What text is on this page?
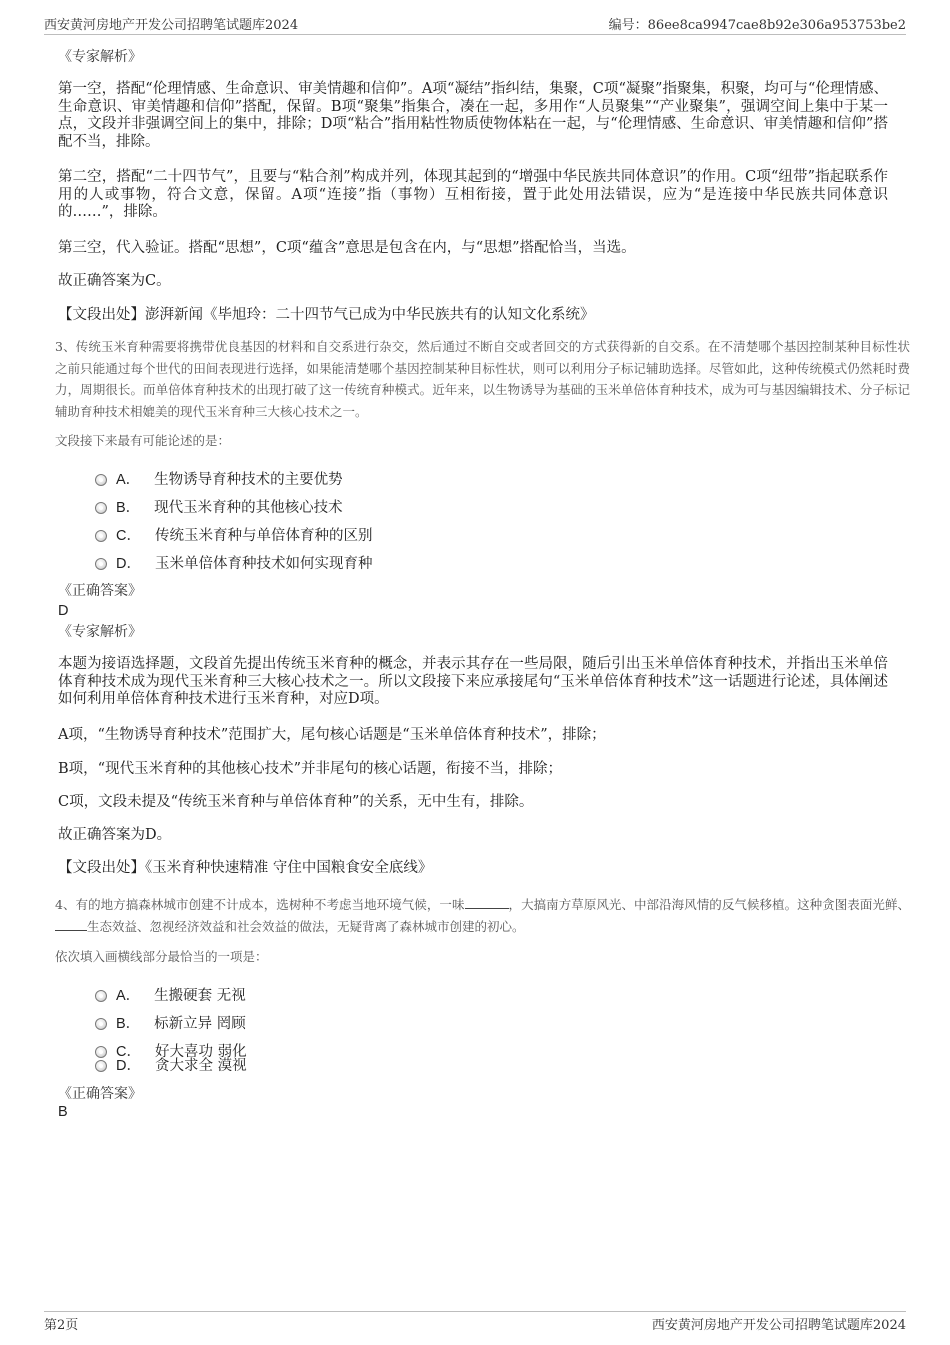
西安黄河房地产开发公司招聘笔试题库2024	编号：86ee8ca9947cae8b92e306a953753be2
《专家解析》

第一空，搭配“伦理情感、生命意识、审美情趣和信仰”。A项“凝结”指纠结，集聚，C项“凝聚”指聚集，积聚，均可与“伦理情感、生命意识、审美情趣和信仰”搭配，保留。B项“聚集”指集合，凑在一起，多用作“人员聚集”“产业聚集”，强调空间上集中于某一点，文段并非强调空间上的集中，排除；D项“粘合”指用粘性物质使物体粘在一起，与“伦理情感、生命意识、审美情趣和信仰”搭配不当，排除。

第二空，搭配“二十四节气”，且要与“粘合剂”构成并列，体现其起到的“增强中华民族共同体意识”的作用。C项“纽带”指起联系作用的人或事物，符合文意，保留。A项“连接”指（事物）互相衔接，置于此处用法错误，应为“是连接中华民族共同体意识的……”，排除。

第三空，代入验证。搭配“思想”，C项“蕴含”意思是包含在内，与“思想”搭配恰当，当选。

故正确答案为C。

【文段出处】澎湃新闻《毕旭玲：二十四节气已成为中华民族共有的认知文化系统》

3、传统玉米育种需要将携带优良基因的材料和自交系进行杂交，然后通过不断自交或者回交的方式获得新的自交系。在不清楚哪个基因控制某种目标性状之前只能通过每个世代的田间表现进行选择，如果能清楚哪个基因控制某种目标性状，则可以利用分子标记辅助选择。尽管如此，这种传统模式仍然耗时费力，周期很长。而单倍体育种技术的出现打破了这一传统育种模式。近年来，以生物诱导为基础的玉米单倍体育种技术，成为可与基因编辑技术、分子标记辅助育种技术相媲美的现代玉米育种三大核心技术之一。

文段接下来最有可能论述的是：
A． 生物诱导育种技术的主要优势
B． 现代玉米育种的其他核心技术
C． 传统玉米育种与单倍体育种的区别
D． 玉米单倍体育种技术如何实现育种
《正确答案》
D
《专家解析》

本题为接语选择题，文段首先提出传统玉米育种的概念，并表示其存在一些局限，随后引出玉米单倍体育种技术，并指出玉米单倍体育种技术成为现代玉米育种三大核心技术之一。所以文段接下来应承接尾句“玉米单倍体育种技术”这一话题进行论述，具体阐述如何利用单倍体育种技术进行玉米育种，对应D项。

A项，“生物诱导育种技术”范围扩大，尾句核心话题是“玉米单倍体育种技术”，排除；

B项，“现代玉米育种的其他核心技术”并非尾句的核心话题，衔接不当，排除；

C项，文段未提及“传统玉米育种与单倍体育种”的关系，无中生有，排除。

故正确答案为D。

【文段出处】《玉米育种快速精准 守住中国粮食安全底线》

4、有的地方搞森林城市创建不计成本，选树种不考虑当地环境气候，一味	，大搞南方草原风光、中部沿海风情的反气候移植。这种贪图表面光鲜、生态效益、忽视经济效益和社会效益的做法，无疑背离了森林城市创建的初心。

依次填入画横线部分最恰当的一项是：
A． 生搬硬套 无视
B． 标新立异 罔顾
C． 好大喜功 弱化
D． 贪大求全 漠视
《正确答案》
B
第2页	西安黄河房地产开发公司招聘笔试题库2024
